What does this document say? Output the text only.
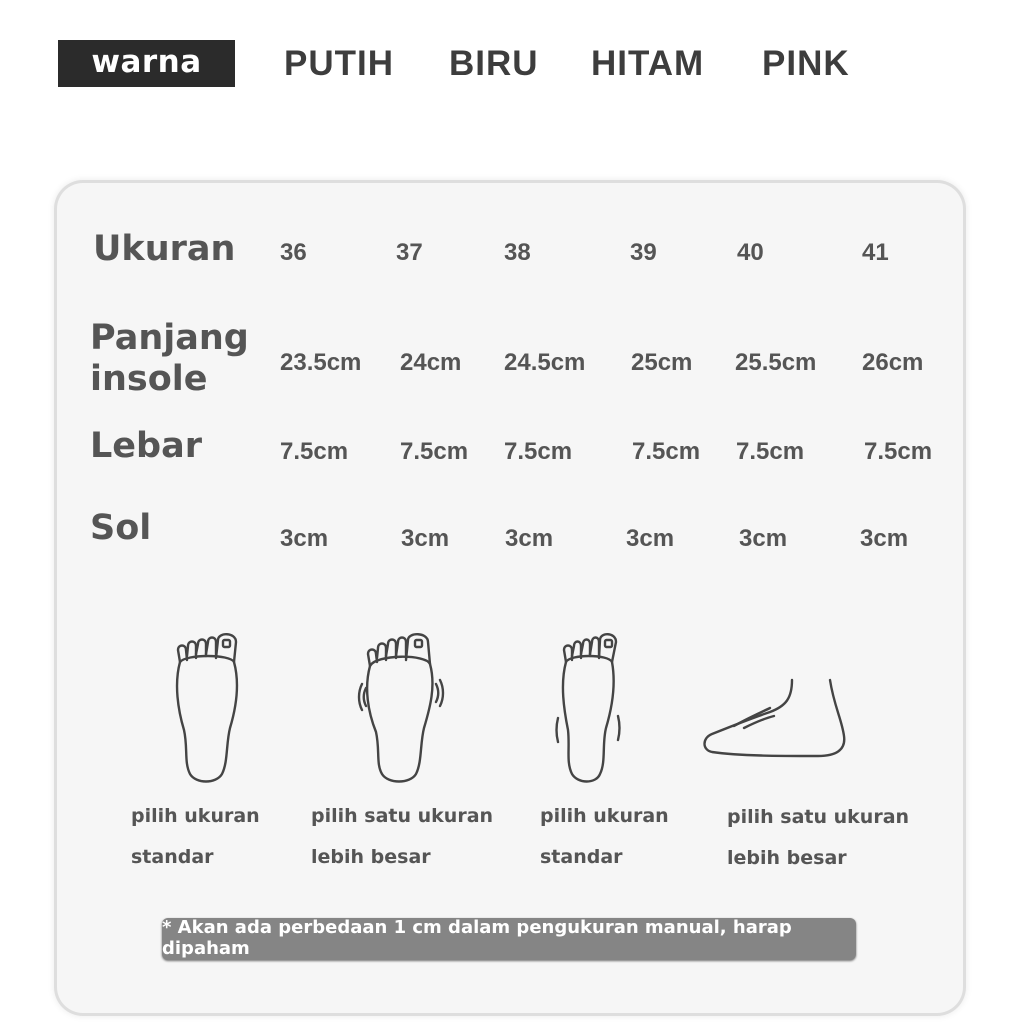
warna	PUTIH BIRU HITAM PINK
Ukuran 36	37	38	39	40	41
Panjang
insole	23.5cm 24cm 24.5cm 25cm 25.5cm 26cm
Lebar	7.5cm 7.5cm 7.5cm 7.5cm 7.5cm 7.5cm
Sol	3cm	3cm 3cm	3cm	3cm	3cm
pilih ukuran
standar
pilih satu ukuran
lebih besar
pilih ukuran
standar
pilih satu ukuran
lebih besar
* Akan ada perbedaan 1 cm dalam pengukuran manual, harap dipaham
